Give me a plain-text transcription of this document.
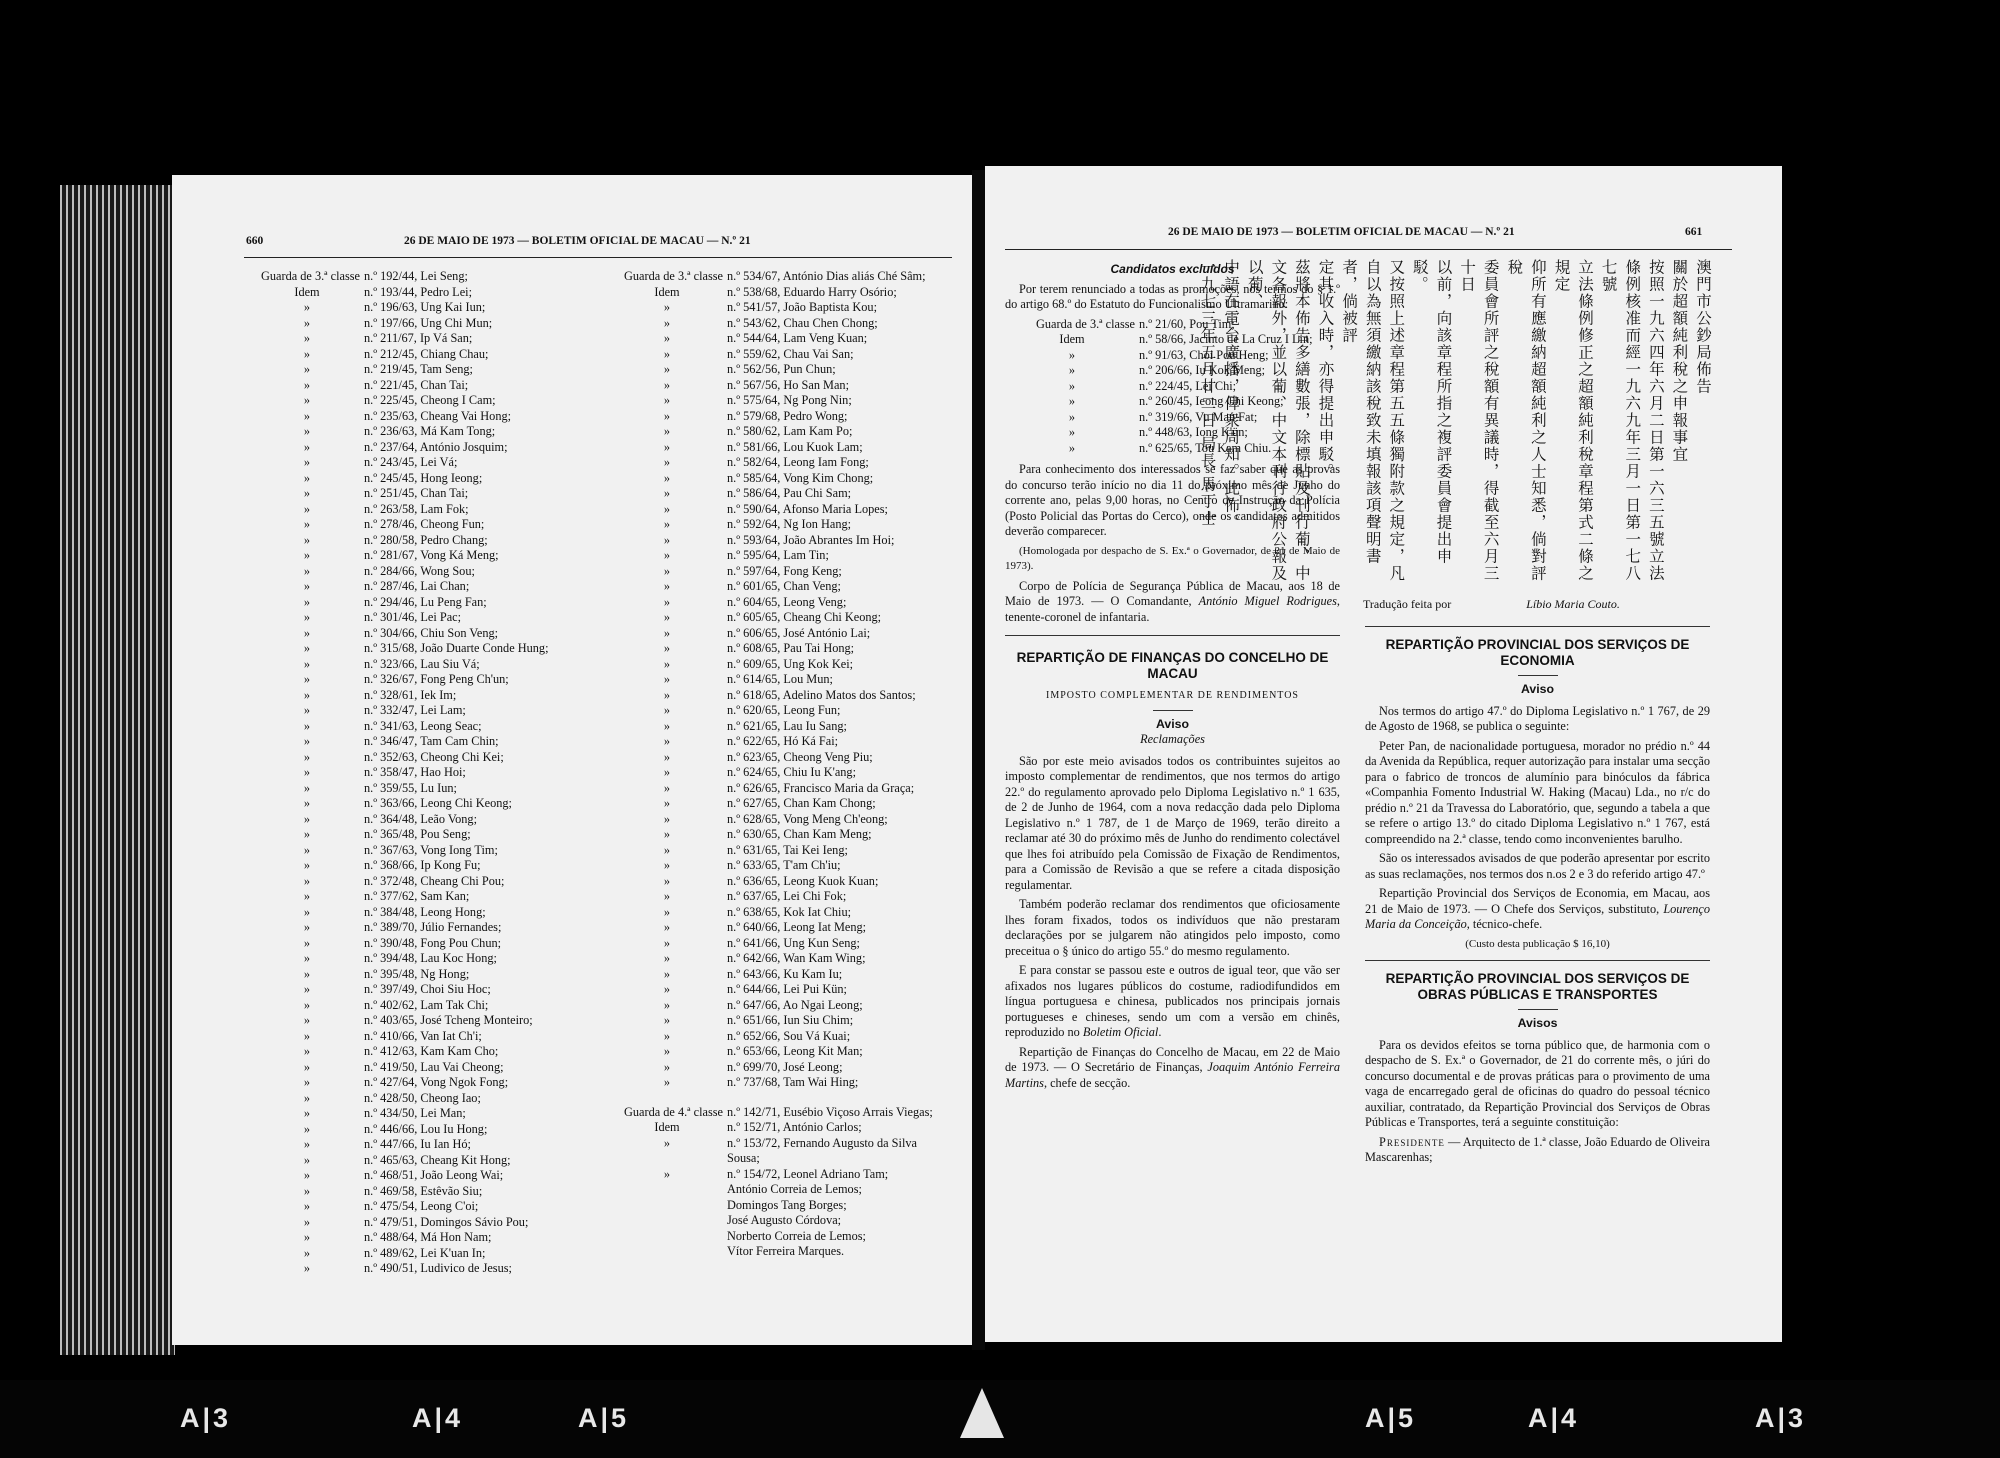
660	26 DE MAIO DE 1973 — BOLETIM OFICIAL DE MACAU — N.º 21
Guarda de 3.ª classe n.º 192/44, Lei Seng;
Idem	n.º 193/44, Pedro Lei;
»	n.º 196/63, Ung Kai Iun;
»	n.º 197/66, Ung Chi Mun;
»	n.º 211/67, Ip Vá San;
»	n.º 212/45, Chiang Chau;
»	n.º 219/45, Tam Seng;
»	n.º 221/45, Chan Tai;
»	n.º 225/45, Cheong I Cam;
»	n.º 235/63, Cheang Vai Hong;
»	n.º 236/63, Má Kam Tong;
»	n.º 237/64, António Josquim;
»	n.º 243/45, Lei Vá;
»	n.º 245/45, Hong Ieong;
»	n.º 251/45, Chan Tai;
»	n.º 263/58, Lam Fok;
»	n.º 278/46, Cheong Fun;
»	n.º 280/58, Pedro Chang;
»	n.º 281/67, Vong Ká Meng;
»	n.º 284/66, Wong Sou;
»	n.º 287/46, Lai Chan;
»	n.º 294/46, Lu Peng Fan;
»	n.º 301/46, Lei Pac;
»	n.º 304/66, Chiu Son Veng;
»	n.º 315/68, João Duarte Conde Hung;
»	n.º 323/66, Lau Siu Vá;
»	n.º 326/67, Fong Peng Ch'un;
»	n.º 328/61, Iek Im;
»	n.º 332/47, Lei Lam;
»	n.º 341/63, Leong Seac;
»	n.º 346/47, Tam Cam Chin;
»	n.º 352/63, Cheong Chi Kei;
»	n.º 358/47, Hao Hoi;
»	n.º 359/55, Lu Iun;
»	n.º 363/66, Leong Chi Keong;
»	n.º 364/48, Leão Vong;
»	n.º 365/48, Pou Seng;
»	n.º 367/63, Vong Iong Tim;
»	n.º 368/66, Ip Kong Fu;
»	n.º 372/48, Cheang Chi Pou;
»	n.º 377/62, Sam Kan;
»	n.º 384/48, Leong Hong;
»	n.º 389/70, Júlio Fernandes;
»	n.º 390/48, Fong Pou Chun;
»	n.º 394/48, Lau Koc Hong;
»	n.º 395/48, Ng Hong;
»	n.º 397/49, Choi Siu Hoc;
»	n.º 402/62, Lam Tak Chi;
»	n.º 403/65, José Tcheng Monteiro;
»	n.º 410/66, Van Iat Ch'i;
»	n.º 412/63, Kam Kam Cho;
»	n.º 419/50, Lau Vai Cheong;
»	n.º 427/64, Vong Ngok Fong;
»	n.º 428/50, Cheong Iao;
»	n.º 434/50, Lei Man;
»	n.º 446/66, Lou Iu Hong;
»	n.º 447/66, Iu Ian Hó;
»	n.º 465/63, Cheang Kit Hong;
»	n.º 468/51, João Leong Wai;
»	n.º 469/58, Estêvão Siu;
»	n.º 475/54, Leong C'oi;
»	n.º 479/51, Domingos Sávio Pou;
»	n.º 488/64, Má Hon Nam;
»	n.º 489/62, Lei K'uan In;
»	n.º 490/51, Ludivico de Jesus;
Guarda de 3.ª classe n.º 534/67, António Dias aliás Ché Sâm;
Idem	n.º 538/68, Eduardo Harry Osório;
»	n.º 541/57, João Baptista Kou;
»	n.º 543/62, Chau Chen Chong;
»	n.º 544/64, Lam Veng Kuan;
»	n.º 559/62, Chau Vai San;
»	n.º 562/56, Pun Chun;
»	n.º 567/56, Ho San Man;
»	n.º 575/64, Ng Pong Nin;
»	n.º 579/68, Pedro Wong;
»	n.º 580/62, Lam Kam Po;
»	n.º 581/66, Lou Kuok Lam;
»	n.º 582/64, Leong Iam Fong;
»	n.º 585/64, Vong Kim Chong;
»	n.º 586/64, Pau Chi Sam;
»	n.º 590/64, Afonso Maria Lopes;
»	n.º 592/64, Ng Ion Hang;
»	n.º 593/64, João Abrantes Im Hoi;
»	n.º 595/64, Lam Tin;
»	n.º 597/64, Fong Keng;
»	n.º 601/65, Chan Veng;
»	n.º 604/65, Leong Veng;
»	n.º 605/65, Cheang Chi Keong;
»	n.º 606/65, José António Lai;
»	n.º 608/65, Pau Tai Hong;
»	n.º 609/65, Ung Kok Kei;
»	n.º 614/65, Lou Mun;
»	n.º 618/65, Adelino Matos dos Santos;
»	n.º 620/65, Leong Fun;
»	n.º 621/65, Lau Iu Sang;
»	n.º 622/65, Hó Ká Fai;
»	n.º 623/65, Cheong Veng Piu;
»	n.º 624/65, Chiu Iu K'ang;
»	n.º 626/65, Francisco Maria da Graça;
»	n.º 627/65, Chan Kam Chong;
»	n.º 628/65, Vong Meng Ch'eong;
»	n.º 630/65, Chan Kam Meng;
»	n.º 631/65, Tai Kei Ieng;
»	n.º 633/65, T'am Ch'iu;
»	n.º 636/65, Leong Kuok Kuan;
»	n.º 637/65, Lei Chi Fok;
»	n.º 638/65, Kok Iat Chiu;
»	n.º 640/66, Leong Iat Meng;
»	n.º 641/66, Ung Kun Seng;
»	n.º 642/66, Wan Kam Wing;
»	n.º 643/66, Ku Kam Iu;
»	n.º 644/66, Lei Pui Kün;
»	n.º 647/66, Ao Ngai Leong;
»	n.º 651/66, Iun Siu Chim;
»	n.º 652/66, Sou Vá Kuai;
»	n.º 653/66, Leong Kit Man;
»	n.º 699/70, José Leong;
»	n.º 737/68, Tam Wai Hing;
Guarda de 4.ª classe n.º 142/71, Eusébio Viçoso Arrais Viegas;
Idem	n.º 152/71, António Carlos;
»	n.º 153/72, Fernando Augusto da Silva
Sousa;
»	n.º 154/72, Leonel Adriano Tam;
António Correia de Lemos;
Domingos Tang Borges;
José Augusto Córdova;
Norberto Correia de Lemos;
Vítor Ferreira Marques.
26 DE MAIO DE 1973 — BOLETIM OFICIAL DE MACAU — N.º 21	661
Candidatos excluídos

Por terem renunciado a todas as promoções, nos termos do § 1.º do artigo 68.º do Estatuto do Funcionalismo Ultramarino:

Guarda de 3.ª classe n.º 21/60, Pou Tim;
Idem	n.º 58/66, Jacinto de La Cruz I Lin;
»	n.º 91/63, Choi Pou Heng;
»	n.º 206/66, Iu Kok Meng;
»	n.º 224/45, Lei Chi;
»	n.º 260/45, Ieong Chi Keong;
»	n.º 319/66, Vu Man Fat;
»	n.º 448/63, Iong K'ün;
»	n.º 625/65, Tou Kam Chiu.

Para conhecimento dos interessados se faz saber que as provas do concurso terão início no dia 11 do próximo mês de Junho do corrente ano, pelas 9,00 horas, no Centro de Instrução da Polícia (Posto Policial das Portas do Cerco), onde os candidatos admitidos deverão comparecer.

(Homologada por despacho de S. Ex.ª o Governador, de 21 de Maio de 1973).

Corpo de Polícia de Segurança Pública de Macau, aos 18 de Maio de 1973. — O Comandante, António Miguel Rodrigues, tenente-coronel de infantaria.

REPARTIÇÃO DE FINANÇAS DO CONCELHO DE MACAU
IMPOSTO COMPLEMENTAR DE RENDIMENTOS
Aviso
Reclamações

São por este meio avisados todos os contribuintes sujeitos ao imposto complementar de rendimentos, que nos termos do artigo 22.º do regulamento aprovado pelo Diploma Legislativo n.º 1 635, de 2 de Junho de 1964, com a nova redacção dada pelo Diploma Legislativo n.º 1 787, de 1 de Março de 1969, terão direito a reclamar até 30 do próximo mês de Junho do rendimento colectável que lhes foi atribuído pela Comissão de Fixação de Rendimentos, para a Comissão de Revisão a que se refere a citada disposição regulamentar.

Também poderão reclamar dos rendimentos que oficiosamente lhes foram fixados, todos os indivíduos que não prestaram declarações por se julgarem não atingidos pelo imposto, como preceitua o § único do artigo 55.º do mesmo regulamento.

E para constar se passou este e outros de igual teor, que vão ser afixados nos lugares públicos do costume, radiodifundidos em língua portuguesa e chinesa, publicados nos principais jornais portugueses e chineses, sendo um com a versão em chinês, reproduzido no Boletim Oficial.

Repartição de Finanças do Concelho de Macau, em 22 de Maio de 1973. — O Secretário de Finanças, Joaquim António Ferreira Martins, chefe de secção.

澳門市公鈔局佈告
關於超額純利稅之申報事宜
按照一九六四年六月二日第一六三五號立法
條例核准而經一九六九年三月一日第一七八七號
立法條例修正之超額純利稅章程第式二條之規定
仰所有應繳納超額純利之人士知悉，倘對評稅
委員會所評之稅額有異議時，得截至六月三十日
以前，向該章程所指之複評委員會提出申駁。
又按照上述章程第五五條獨附款之規定，凡
自以為無須繳納該稅致未填報該項聲明書者，倘被評
定其收入時，亦得提出申駁。
茲將本佈告多繕數張，除標貼及刊行葡、中
文各報外，並以葡、中文本刊行政府公報及以葡、
中語在電台廣播，俾衆周知。此佈。
一九七三年五月廿二日 局長 馬丁士
Tradução feita por	Líbio Maria Couto.
REPARTIÇÃO PROVINCIAL DOS SERVIÇOS DE ECONOMIA
Aviso

Nos termos do artigo 47.º do Diploma Legislativo n.º 1 767, de 29 de Agosto de 1968, se publica o seguinte:

Peter Pan, de nacionalidade portuguesa, morador no prédio n.º 44 da Avenida da República, requer autorização para instalar uma secção para o fabrico de troncos de alumínio para binóculos da fábrica «Companhia Fomento Industrial W. Haking (Macau) Lda., no r/c do prédio n.º 21 da Travessa do Laboratório, que, segundo a tabela a que se refere o artigo 13.º do citado Diploma Legislativo n.º 1 767, está compreendido na 2.ª classe, tendo como inconvenientes barulho.

São os interessados avisados de que poderão apresentar por escrito as suas reclamações, nos termos dos n.os 2 e 3 do referido artigo 47.º

Repartição Provincial dos Serviços de Economia, em Macau, aos 21 de Maio de 1973. — O Chefe dos Serviços, substituto, Lourenço Maria da Conceição, técnico-chefe.

(Custo desta publicação $ 16,10)
REPARTIÇÃO PROVINCIAL DOS SERVIÇOS DE OBRAS PÚBLICAS E TRANSPORTES
Avisos

Para os devidos efeitos se torna público que, de harmonia com o despacho de S. Ex.ª o Governador, de 21 do corrente mês, o júri do concurso documental e de provas práticas para o provimento de uma vaga de encarregado geral de oficinas do quadro do pessoal técnico auxiliar, contratado, da Repartição Provincial dos Serviços de Obras Públicas e Transportes, terá a seguinte constituição:

Presidente — Arquitecto de 1.ª classe, João Eduardo de Oliveira Mascarenhas;

A|3	A|4	A|5	A|5	A|4	A|3
